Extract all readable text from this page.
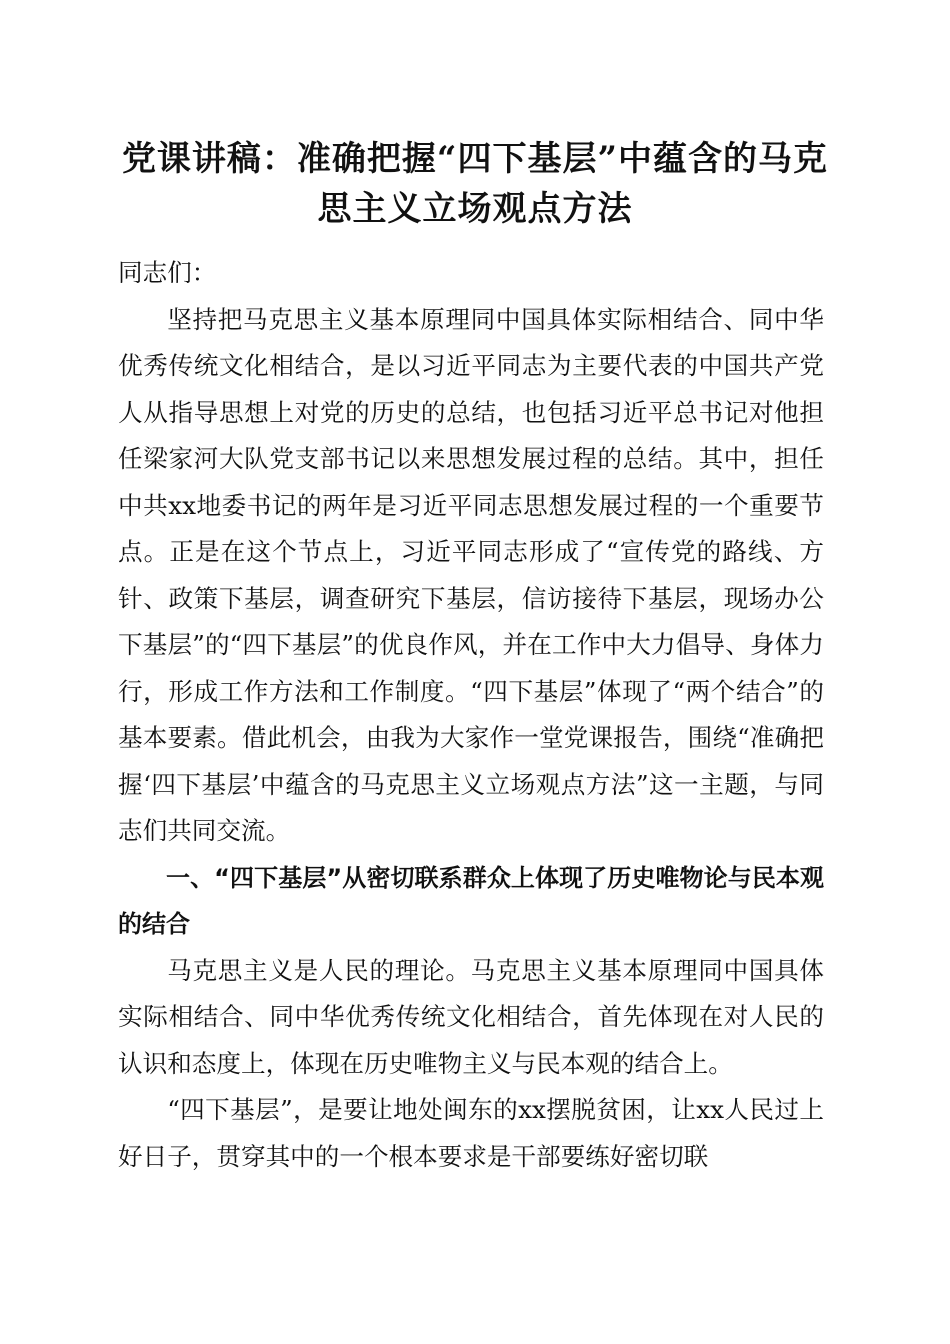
党课讲稿：准确把握“四下基层”中蕴含的马克思主义立场观点方法

同志们：

坚持把马克思主义基本原理同中国具体实际相结合、同中华优秀传统文化相结合，是以习近平同志为主要代表的中国共产党人从指导思想上对党的历史的总结，也包括习近平总书记对他担任梁家河大队党支部书记以来思想发展过程的总结。其中，担任中共xx地委书记的两年是习近平同志思想发展过程的一个重要节点。正是在这个节点上，习近平同志形成了“宣传党的路线、方针、政策下基层，调查研究下基层，信访接待下基层，现场办公下基层”的“四下基层”的优良作风，并在工作中大力倡导、身体力行，形成工作方法和工作制度。“四下基层”体现了“两个结合”的基本要素。借此机会，由我为大家作一堂党课报告，围绕“准确把握‘四下基层’中蕴含的马克思主义立场观点方法”这一主题，与同志们共同交流。

一、“四下基层”从密切联系群众上体现了历史唯物论与民本观的结合

马克思主义是人民的理论。马克思主义基本原理同中国具体实际相结合、同中华优秀传统文化相结合，首先体现在对人民的认识和态度上，体现在历史唯物主义与民本观的结合上。

“四下基层”，是要让地处闽东的xx摆脱贫困，让xx人民过上好日子，贯穿其中的一个根本要求是干部要练好密切联
